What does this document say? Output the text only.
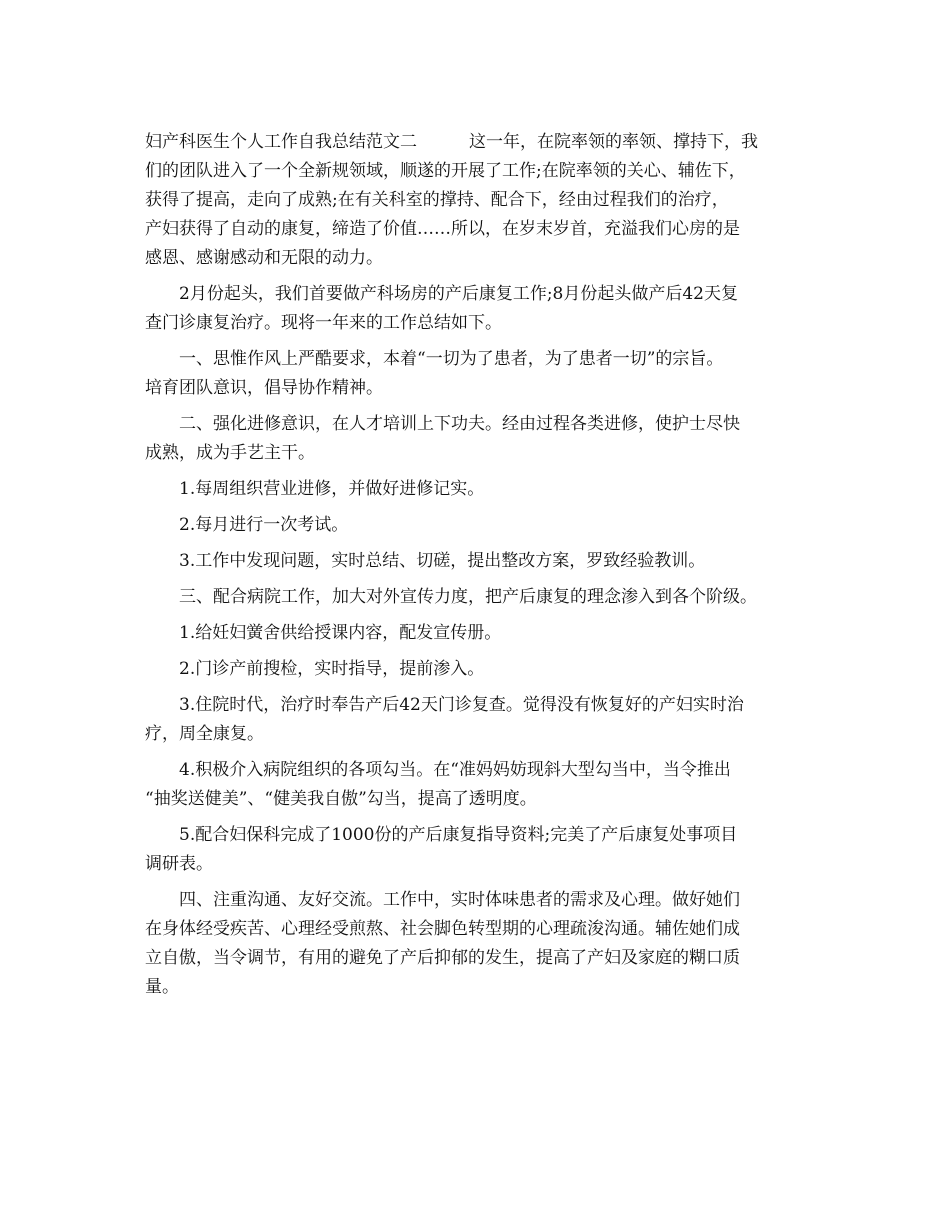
妇产科医生个人工作自我总结范文二	这一年，在院率领的率领、撑持下，我
们的团队进入了一个全新规领域，顺遂的开展了工作;在院率领的关心、辅佐下，
获得了提高，走向了成熟;在有关科室的撑持、配合下，经由过程我们的治疗，
产妇获得了自动的康复，缔造了价值……所以，在岁末岁首，充溢我们心房的是
感恩、感谢感动和无限的动力。
2月份起头，我们首要做产科场房的产后康复工作;8月份起头做产后42天复
查门诊康复治疗。现将一年来的工作总结如下。
一、思惟作风上严酷要求，本着“一切为了患者，为了患者一切”的宗旨。
培育团队意识，倡导协作精神。
二、强化进修意识，在人才培训上下功夫。经由过程各类进修，使护士尽快
成熟，成为手艺主干。
1.每周组织营业进修，并做好进修记实。
2.每月进行一次考试。
3.工作中发现问题，实时总结、切磋，提出整改方案，罗致经验教训。
三、配合病院工作，加大对外宣传力度，把产后康复的理念渗入到各个阶级。
1.给妊妇黉舍供给授课内容，配发宣传册。
2.门诊产前搜检，实时指导，提前渗入。
3.住院时代，治疗时奉告产后42天门诊复查。觉得没有恢复好的产妇实时治
疗，周全康复。
4.积极介入病院组织的各项勾当。在“准妈妈妨现斜大型勾当中，当令推出
“抽奖送健美”、“健美我自傲”勾当，提高了透明度。
5.配合妇保科完成了1000份的产后康复指导资料;完美了产后康复处事项目
调研表。
四、注重沟通、友好交流。工作中，实时体味患者的需求及心理。做好她们
在身体经受疾苦、心理经受煎熬、社会脚色转型期的心理疏浚沟通。辅佐她们成
立自傲，当令调节，有用的避免了产后抑郁的发生，提高了产妇及家庭的糊口质
量。
